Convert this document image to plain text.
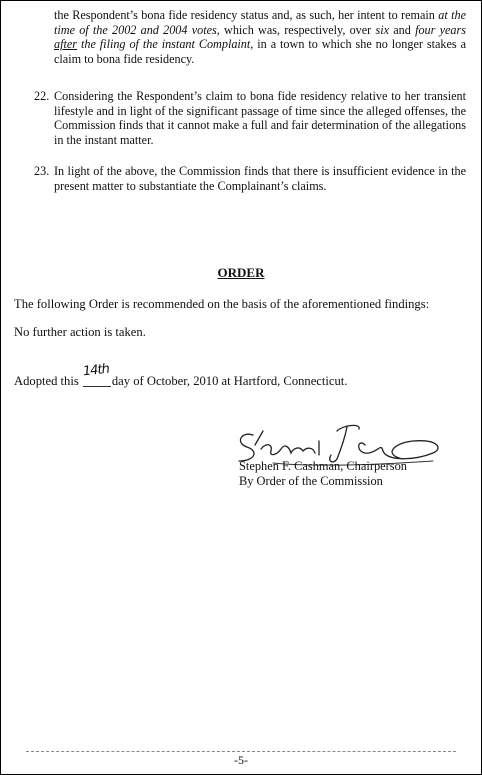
the Respondent’s bona fide residency status and, as such, her intent to remain at the time of the 2002 and 2004 votes, which was, respectively, over six and four years after the filing of the instant Complaint, in a town to which she no longer stakes a claim to bona fide residency.
22. Considering the Respondent’s claim to bona fide residency relative to her transient lifestyle and in light of the significant passage of time since the alleged offenses, the Commission finds that it cannot make a full and fair determination of the allegations in the instant matter.
23. In light of the above, the Commission finds that there is insufficient evidence in the present matter to substantiate the Complainant’s claims.
ORDER
The following Order is recommended on the basis of the aforementioned findings:
No further action is taken.
Adopted this
14th
day of October, 2010 at Hartford, Connecticut.
Stephen F. Cashman, Chairperson
By Order of the Commission
-5-
